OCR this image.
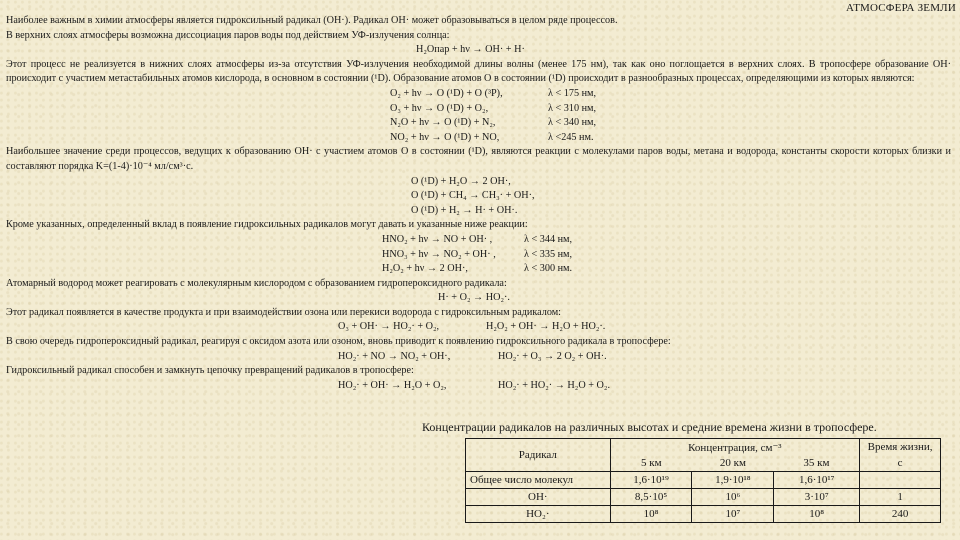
АТМОСФЕРА ЗЕМЛИ

Наиболее важным в химии атмосферы является гидроксильный радикал (OH·). Радикал OH· может образовываться в целом ряде процессов.

В верхних слоях атмосферы возможна диссоциация паров воды под действием УФ-излучения солнца:

H₂Oпар + hν → OH· + H·

Этот процесс не реализуется в нижних слоях атмосферы из-за отсутствия УФ-излучения необходимой длины волны (менее 175 нм), так как оно поглощается в верхних слоях. В тропосфере образование OH· происходит с участием метастабильных атомов кислорода, в основном в состоянии (¹D). Образование атомов O в состоянии (¹D) происходит в разнообразных процессах, определяющими из которых являются:

O₂ + hν → O (¹D) + O (³P),	λ < 175 нм,

O₃ + hν → O (¹D) + O₂,	λ < 310 нм,

N₂O + hν → O (¹D) + N₂,	λ < 340 нм,

NO₂ + hν → O (¹D) + NO,	λ <245 нм.

Наибольшее значение среди процессов, ведущих к образованию OH· с участием атомов O в состоянии (¹D), являются реакции с молекулами паров воды, метана и водорода, константы скорости которых близки и составляют порядка K=(1-4)·10⁻⁴ мл/см³·с.

O (¹D) + H₂O → 2 OH·,

O (¹D) + CH₄ → CH₃· + OH·,

O (¹D) + H₂ → H· + OH·.

Кроме указанных, определенный вклад в появление гидроксильных радикалов могут давать и указанные ниже реакции:

HNO₂ + hν → NO + OH· ,	λ < 344 нм,

HNO₃ + hν → NO₂ + OH· ,	λ < 335 нм,

H₂O₂ + hν → 2 OH·,	λ < 300 нм.

Атомарный водород может реагировать с молекулярным кислородом с образованием гидропероксидного радикала:

H· + O₂ → HO₂·.

Этот радикал появляется в качестве продукта и при взаимодействии озона или перекиси водорода с гидроксильным радикалом:

O₃ + OH· → HO₂· + O₂,	H₂O₂ + OH· → H₂O + HO₂·.

В свою очередь гидропероксидный радикал, реагируя с оксидом азота или озоном, вновь приводит к появлению гидроксильного радикала в тропосфере:

HO₂· + NO → NO₂ + OH·,	HO₂· + O₃ → 2 O₂ + OH·.

Гидроксильный радикал способен и замкнуть цепочку превращений радикалов в тропосфере:

HO₂· + OH· → H₂O + O₂,	HO₂· + HO₂· → H₂O + O₂.

Концентрации радикалов на различных высотах и средние времена жизни в тропосфере.
Радикал	Концентрация, см⁻³			Время жизни,
	5 км	20 км	35 км	с
Общее число молекул	1,6·10¹⁹	1,9·10¹⁸	1,6·10¹⁷	
OH·	8,5·10⁵	10⁶	3·10⁷	1
HO₂·	10⁸	10⁷	10⁸	240
